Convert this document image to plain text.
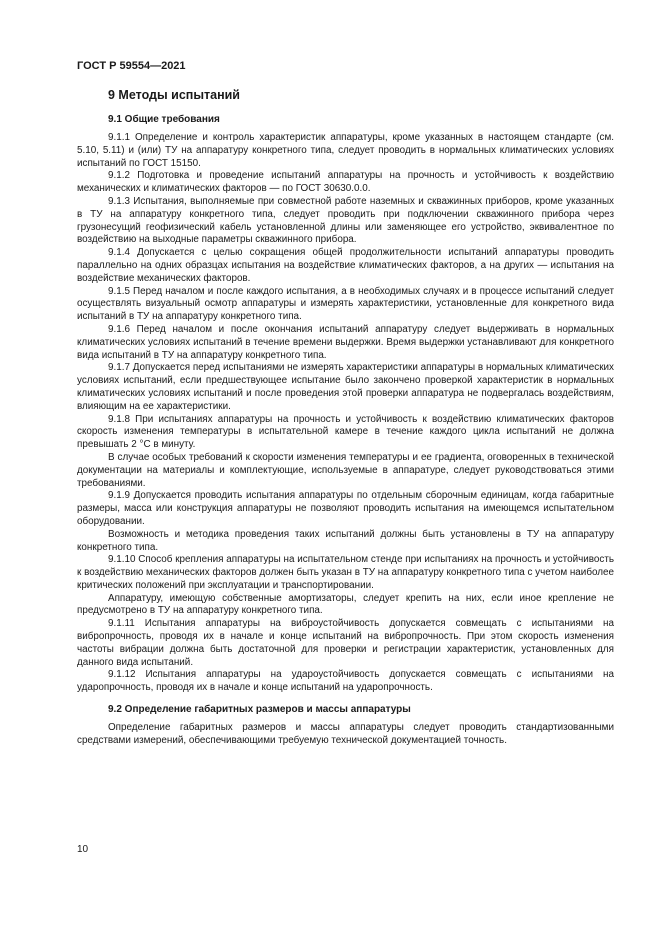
ГОСТ Р 59554—2021
9 Методы испытаний
9.1 Общие требования

9.1.1 Определение и контроль характеристик аппаратуры, кроме указанных в настоящем стандарте (см. 5.10, 5.11) и (или) ТУ на аппаратуру конкретного типа, следует проводить в нормальных климатических условиях испытаний по ГОСТ 15150.

9.1.2 Подготовка и проведение испытаний аппаратуры на прочность и устойчивость к воздействию механических и климатических факторов — по ГОСТ 30630.0.0.

9.1.3 Испытания, выполняемые при совместной работе наземных и скважинных приборов, кроме указанных в ТУ на аппаратуру конкретного типа, следует проводить при подключении скважинного прибора через грузонесущий геофизический кабель установленной длины или заменяющее его устройство, эквивалентное по воздействию на выходные параметры скважинного прибора.

9.1.4 Допускается с целью сокращения общей продолжительности испытаний аппаратуры проводить параллельно на одних образцах испытания на воздействие климатических факторов, а на других — испытания на воздействие механических факторов.

9.1.5 Перед началом и после каждого испытания, а в необходимых случаях и в процессе испытаний следует осуществлять визуальный осмотр аппаратуры и измерять характеристики, установленные для конкретного вида испытаний в ТУ на аппаратуру конкретного типа.

9.1.6 Перед началом и после окончания испытаний аппаратуру следует выдерживать в нормальных климатических условиях испытаний в течение времени выдержки. Время выдержки устанавливают для конкретного вида испытаний в ТУ на аппаратуру конкретного типа.

9.1.7 Допускается перед испытаниями не измерять характеристики аппаратуры в нормальных климатических условиях испытаний, если предшествующее испытание было закончено проверкой характеристик в нормальных климатических условиях испытаний и после проведения этой проверки аппаратура не подвергалась воздействиям, влияющим на ее характеристики.

9.1.8 При испытаниях аппаратуры на прочность и устойчивость к воздействию климатических факторов скорость изменения температуры в испытательной камере в течение каждого цикла испытаний не должна превышать 2 °С в минуту.

В случае особых требований к скорости изменения температуры и ее градиента, оговоренных в технической документации на материалы и комплектующие, используемые в аппаратуре, следует руководствоваться этими требованиями.

9.1.9 Допускается проводить испытания аппаратуры по отдельным сборочным единицам, когда габаритные размеры, масса или конструкция аппаратуры не позволяют проводить испытания на имеющемся испытательном оборудовании.

Возможность и методика проведения таких испытаний должны быть установлены в ТУ на аппаратуру конкретного типа.

9.1.10 Способ крепления аппаратуры на испытательном стенде при испытаниях на прочность и устойчивость к воздействию механических факторов должен быть указан в ТУ на аппаратуру конкретного типа с учетом наиболее критических положений при эксплуатации и транспортировании.

Аппаратуру, имеющую собственные амортизаторы, следует крепить на них, если иное крепление не предусмотрено в ТУ на аппаратуру конкретного типа.

9.1.11 Испытания аппаратуры на виброустойчивость допускается совмещать с испытаниями на вибропрочность, проводя их в начале и конце испытаний на вибропрочность. При этом скорость изменения частоты вибрации должна быть достаточной для проверки и регистрации характеристик, установленных для данного вида испытаний.

9.1.12 Испытания аппаратуры на удароустойчивость допускается совмещать с испытаниями на ударопрочность, проводя их в начале и конце испытаний на ударопрочность.

9.2 Определение габаритных размеров и массы аппаратуры

Определение габаритных размеров и массы аппаратуры следует проводить стандартизованными средствами измерений, обеспечивающими требуемую технической документацией точность.

10
